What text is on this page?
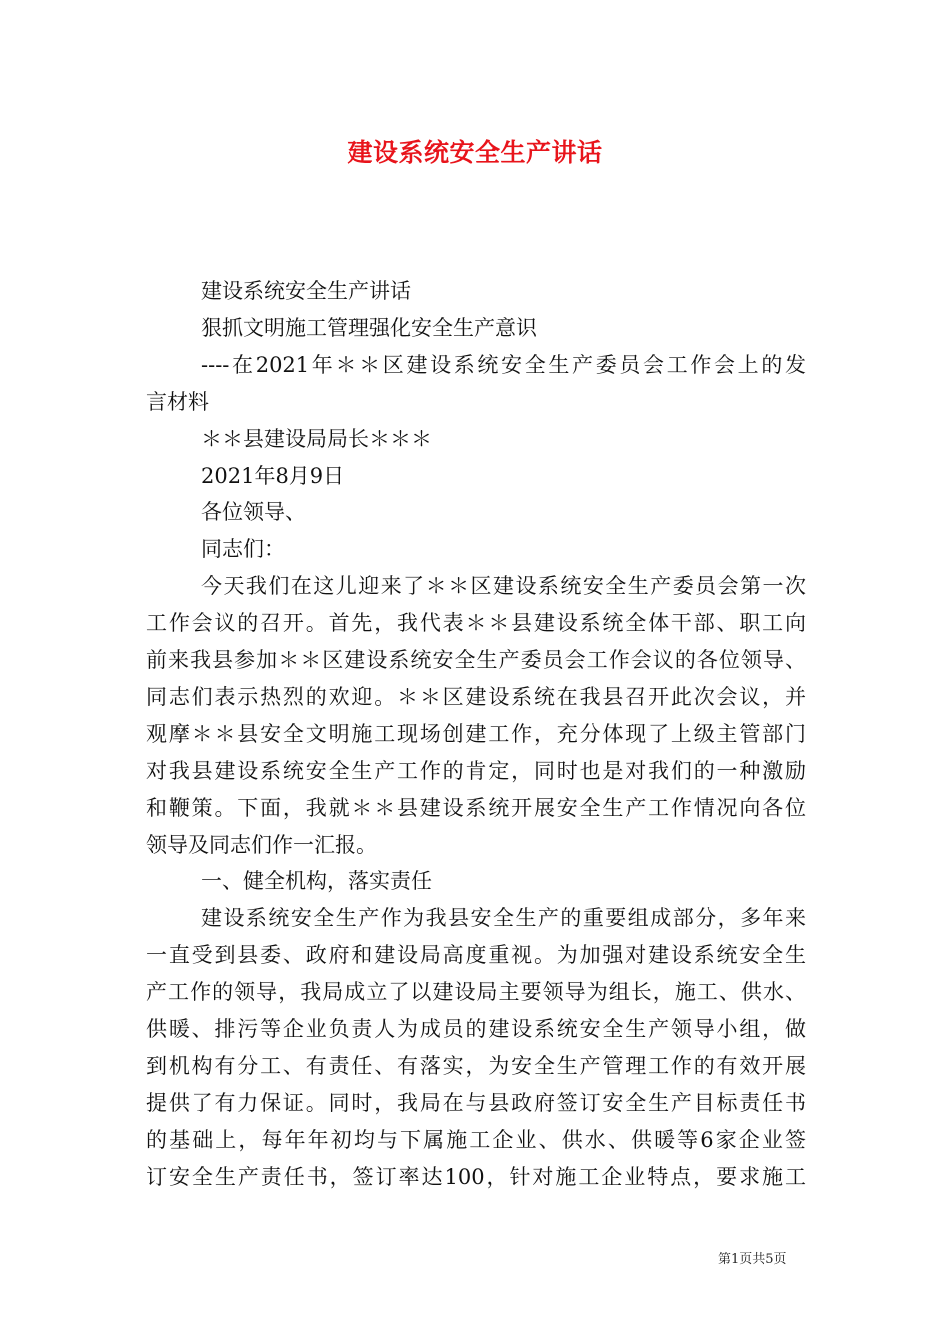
建设系统安全生产讲话
建设系统安全生产讲话
狠抓文明施工管理强化安全生产意识
----在2021年＊＊区建设系统安全生产委员会工作会上的发
言材料
＊＊县建设局局长＊＊＊
2021年8月9日
各位领导、
同志们：
今天我们在这儿迎来了＊＊区建设系统安全生产委员会第一次
工作会议的召开。首先，我代表＊＊县建设系统全体干部、职工向
前来我县参加＊＊区建设系统安全生产委员会工作会议的各位领导、
同志们表示热烈的欢迎。＊＊区建设系统在我县召开此次会议，并
观摩＊＊县安全文明施工现场创建工作，充分体现了上级主管部门
对我县建设系统安全生产工作的肯定，同时也是对我们的一种激励
和鞭策。下面，我就＊＊县建设系统开展安全生产工作情况向各位
领导及同志们作一汇报。
一、健全机构，落实责任
建设系统安全生产作为我县安全生产的重要组成部分，多年来
一直受到县委、政府和建设局高度重视。为加强对建设系统安全生
产工作的领导，我局成立了以建设局主要领导为组长，施工、供水、
供暖、排污等企业负责人为成员的建设系统安全生产领导小组，做
到机构有分工、有责任、有落实，为安全生产管理工作的有效开展
提供了有力保证。同时，我局在与县政府签订安全生产目标责任书
的基础上，每年年初均与下属施工企业、供水、供暖等6家企业签
订安全生产责任书，签订率达100，针对施工企业特点，要求施工
第1页共5页
